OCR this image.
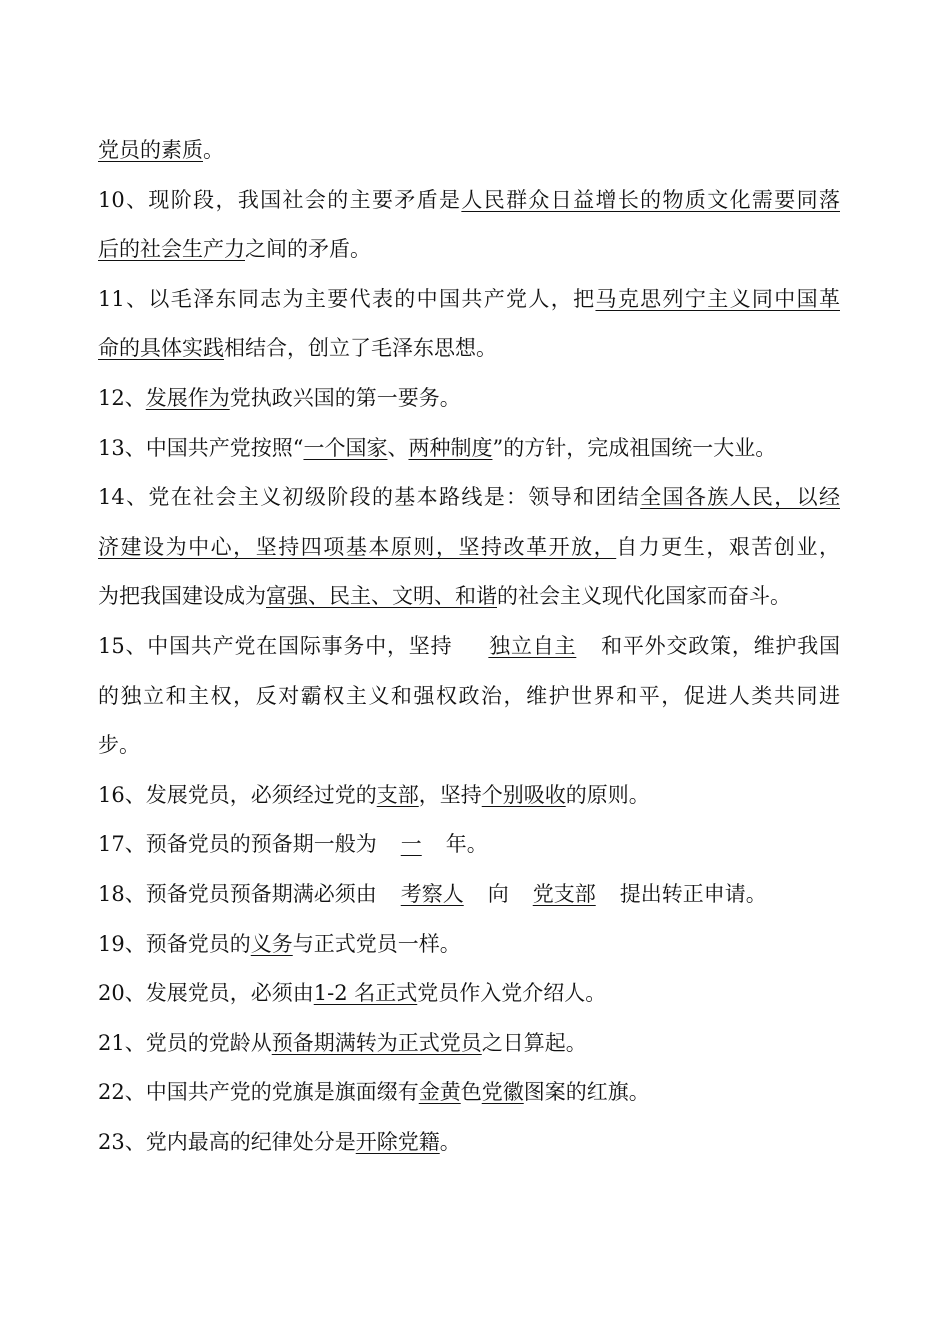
党员的素质。
10、现阶段，我国社会的主要矛盾是人民群众日益增长的物质文化需要同落
后的社会生产力之间的矛盾。
11、以毛泽东同志为主要代表的中国共产党人，把马克思列宁主义同中国革
命的具体实践相结合，创立了毛泽东思想。
12、发展作为党执政兴国的第一要务。
13、中国共产党按照“一个国家、两种制度”的方针，完成祖国统一大业。
14、党在社会主义初级阶段的基本路线是：领导和团结全国各族人民，以经
济建设为中心，坚持四项基本原则，坚持改革开放，自力更生，艰苦创业，
为把我国建设成为富强、民主、文明、和谐的社会主义现代化国家而奋斗。
15、中国共产党在国际事务中，坚持 独立自主 和平外交政策，维护我国
的独立和主权，反对霸权主义和强权政治，维护世界和平，促进人类共同进
步。
16、发展党员，必须经过党的支部，坚持个别吸收的原则。
17、预备党员的预备期一般为 一 年。
18、预备党员预备期满必须由 考察人 向 党支部 提出转正申请。
19、预备党员的义务与正式党员一样。
20、发展党员，必须由1-2 名正式党员作入党介绍人。
21、党员的党龄从预备期满转为正式党员之日算起。
22、中国共产党的党旗是旗面缀有金黄色党徽图案的红旗。
23、党内最高的纪律处分是开除党籍。
